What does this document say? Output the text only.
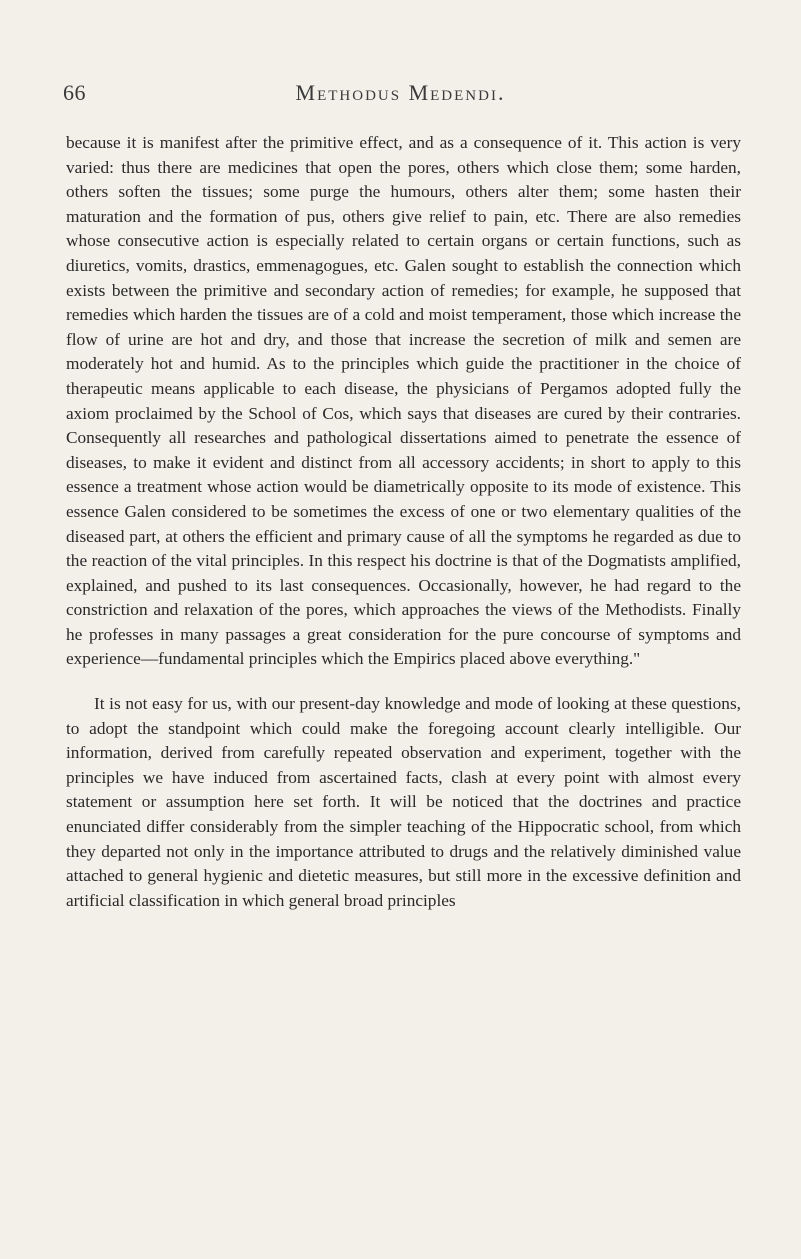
66	Methodus Medendi.

because it is manifest after the primitive effect, and as a consequence of it. This action is very varied: thus there are medicines that open the pores, others which close them; some harden, others soften the tissues; some purge the humours, others alter them; some hasten their maturation and the formation of pus, others give relief to pain, etc. There are also remedies whose consecutive action is especially related to certain organs or certain functions, such as diuretics, vomits, drastics, emmenagogues, etc. Galen sought to establish the connection which exists between the primitive and secondary action of remedies; for example, he supposed that remedies which harden the tissues are of a cold and moist temperament, those which increase the flow of urine are hot and dry, and those that increase the secretion of milk and semen are moderately hot and humid. As to the principles which guide the practitioner in the choice of therapeutic means applicable to each disease, the physicians of Pergamos adopted fully the axiom proclaimed by the School of Cos, which says that diseases are cured by their contraries. Consequently all researches and pathological dissertations aimed to penetrate the essence of diseases, to make it evident and distinct from all accessory accidents; in short to apply to this essence a treatment whose action would be diametrically opposite to its mode of existence. This essence Galen considered to be sometimes the excess of one or two elementary qualities of the diseased part, at others the efficient and primary cause of all the symptoms he regarded as due to the reaction of the vital principles. In this respect his doctrine is that of the Dogmatists amplified, explained, and pushed to its last consequences. Occasionally, however, he had regard to the constriction and relaxation of the pores, which approaches the views of the Methodists. Finally he professes in many passages a great consideration for the pure concourse of symptoms and experience—fundamental principles which the Empirics placed above everything."

It is not easy for us, with our present-day knowledge and mode of looking at these questions, to adopt the standpoint which could make the foregoing account clearly intelligible. Our information, derived from carefully repeated observation and experiment, together with the principles we have induced from ascertained facts, clash at every point with almost every statement or assumption here set forth. It will be noticed that the doctrines and practice enunciated differ considerably from the simpler teaching of the Hippocratic school, from which they departed not only in the importance attributed to drugs and the relatively diminished value attached to general hygienic and dietetic measures, but still more in the excessive definition and artificial classification in which general broad principles
